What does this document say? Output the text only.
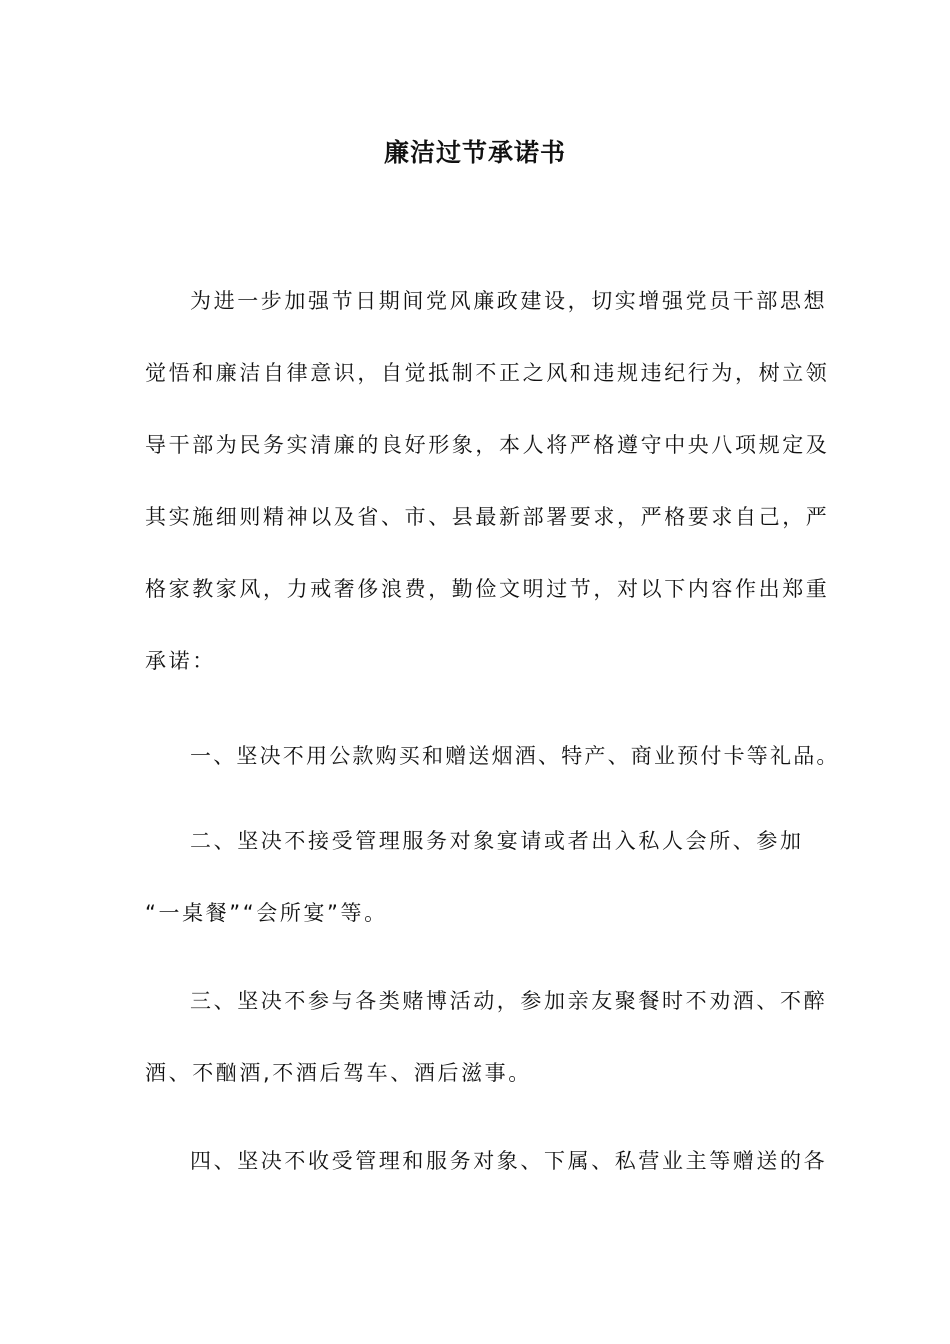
廉洁过节承诺书
为进一步加强节日期间党风廉政建设，切实增强党员干部思想
觉悟和廉洁自律意识，自觉抵制不正之风和违规违纪行为，树立领
导干部为民务实清廉的良好形象，本人将严格遵守中央八项规定及
其实施细则精神以及省、市、县最新部署要求，严格要求自己，严
格家教家风，力戒奢侈浪费，勤俭文明过节，对以下内容作出郑重
承诺：
一、坚决不用公款购买和赠送烟酒、特产、商业预付卡等礼品。
二、坚决不接受管理服务对象宴请或者出入私人会所、参加
“一桌餐”“会所宴”等。
三、坚决不参与各类赌博活动，参加亲友聚餐时不劝酒、不醉
酒、不酗酒,不酒后驾车、酒后滋事。
四、坚决不收受管理和服务对象、下属、私营业主等赠送的各
